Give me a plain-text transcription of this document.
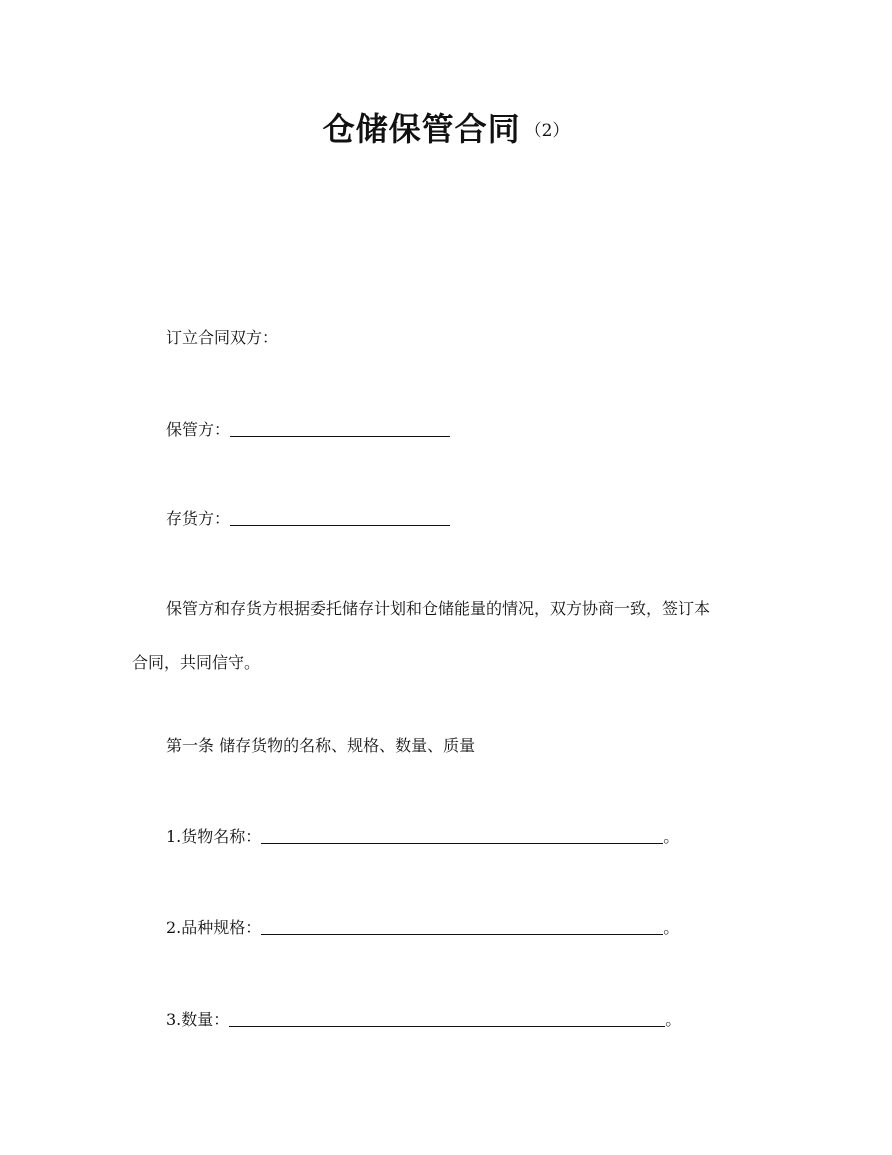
仓储保管合同 （2）
订立合同双方：
保管方：
存货方：
保管方和存货方根据委托储存计划和仓储能量的情况，双方协商一致，签订本
合同，共同信守。
第一条 储存货物的名称、规格、数量、质量
1.货物名称：	。
2.品种规格：	。
3.数量：	。
